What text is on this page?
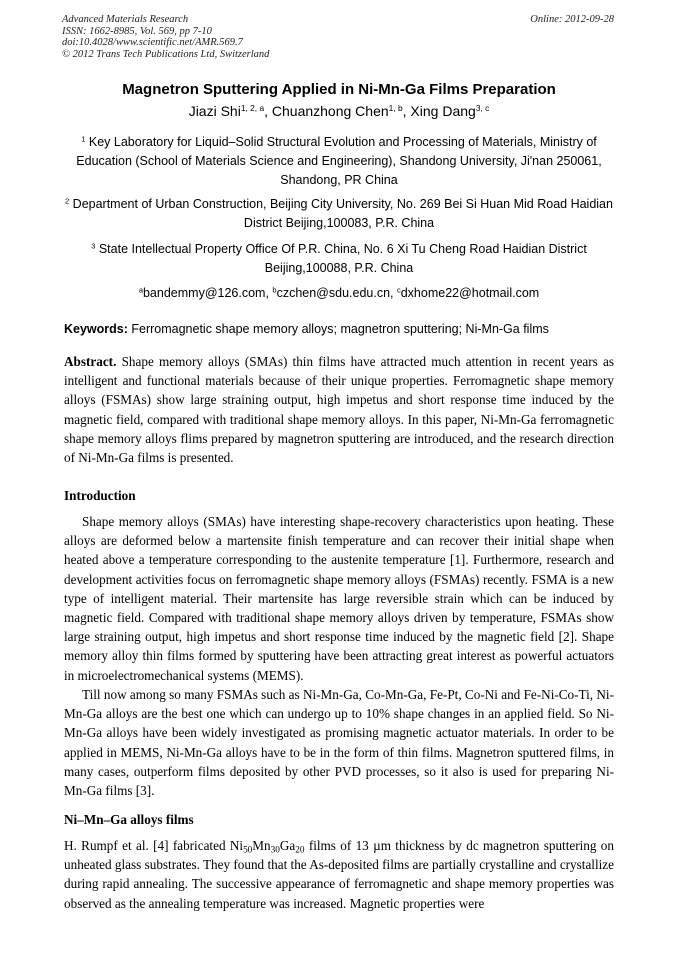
Advanced Materials Research
ISSN: 1662-8985, Vol. 569, pp 7-10
doi:10.4028/www.scientific.net/AMR.569.7
© 2012 Trans Tech Publications Ltd, Switzerland
Online: 2012-09-28
Magnetron Sputtering Applied in Ni-Mn-Ga Films Preparation
Jiazi Shi$^{1, 2, a}$, Chuanzhong Chen$^{1, b}$, Xing Dang$^{3, c}$
$^1$ Key Laboratory for Liquid–Solid Structural Evolution and Processing of Materials, Ministry of Education (School of Materials Science and Engineering), Shandong University, Ji'nan 250061, Shandong, PR China
$^2$ Department of Urban Construction, Beijing City University, No. 269 Bei Si Huan Mid Road Haidian District Beijing,100083, P.R. China
$^3$ State Intellectual Property Office Of P.R. China, No. 6 Xi Tu Cheng Road Haidian District Beijing,100088, P.R. China
$^a$bandemmy@126.com, $^b$czchen@sdu.edu.cn, $^c$dxhome22@hotmail.com
Keywords: Ferromagnetic shape memory alloys; magnetron sputtering; Ni-Mn-Ga films
Abstract. Shape memory alloys (SMAs) thin films have attracted much attention in recent years as intelligent and functional materials because of their unique properties. Ferromagnetic shape memory alloys (FSMAs) show large straining output, high impetus and short response time induced by the magnetic field, compared with traditional shape memory alloys. In this paper, Ni-Mn-Ga ferromagnetic shape memory alloys flims prepared by magnetron sputtering are introduced, and the research direction of Ni-Mn-Ga films is presented.
Introduction
Shape memory alloys (SMAs) have interesting shape-recovery characteristics upon heating. These alloys are deformed below a martensite finish temperature and can recover their initial shape when heated above a temperature corresponding to the austenite temperature [1]. Furthermore, research and development activities focus on ferromagnetic shape memory alloys (FSMAs) recently. FSMA is a new type of intelligent material. Their martensite has large reversible strain which can be induced by magnetic field. Compared with traditional shape memory alloys driven by temperature, FSMAs show large straining output, high impetus and short response time induced by the magnetic field [2]. Shape memory alloy thin films formed by sputtering have been attracting great interest as powerful actuators in microelectromechanical systems (MEMS).
Till now among so many FSMAs such as Ni-Mn-Ga, Co-Mn-Ga, Fe-Pt, Co-Ni and Fe-Ni-Co-Ti, Ni-Mn-Ga alloys are the best one which can undergo up to 10% shape changes in an applied field. So Ni-Mn-Ga alloys have been widely investigated as promising magnetic actuator materials. In order to be applied in MEMS, Ni-Mn-Ga alloys have to be in the form of thin films. Magnetron sputtered films, in many cases, outperform films deposited by other PVD processes, so it also is used for preparing Ni-Mn-Ga films [3].
Ni–Mn–Ga alloys films
H. Rumpf et al. [4] fabricated $Ni_{50}Mn_{30}Ga_{20}$ films of 13 µm thickness by dc magnetron sputtering on unheated glass substrates. They found that the As-deposited films are partially crystalline and crystallize during rapid annealing. The successive appearance of ferromagnetic and shape memory properties was observed as the annealing temperature was increased. Magnetic properties were
